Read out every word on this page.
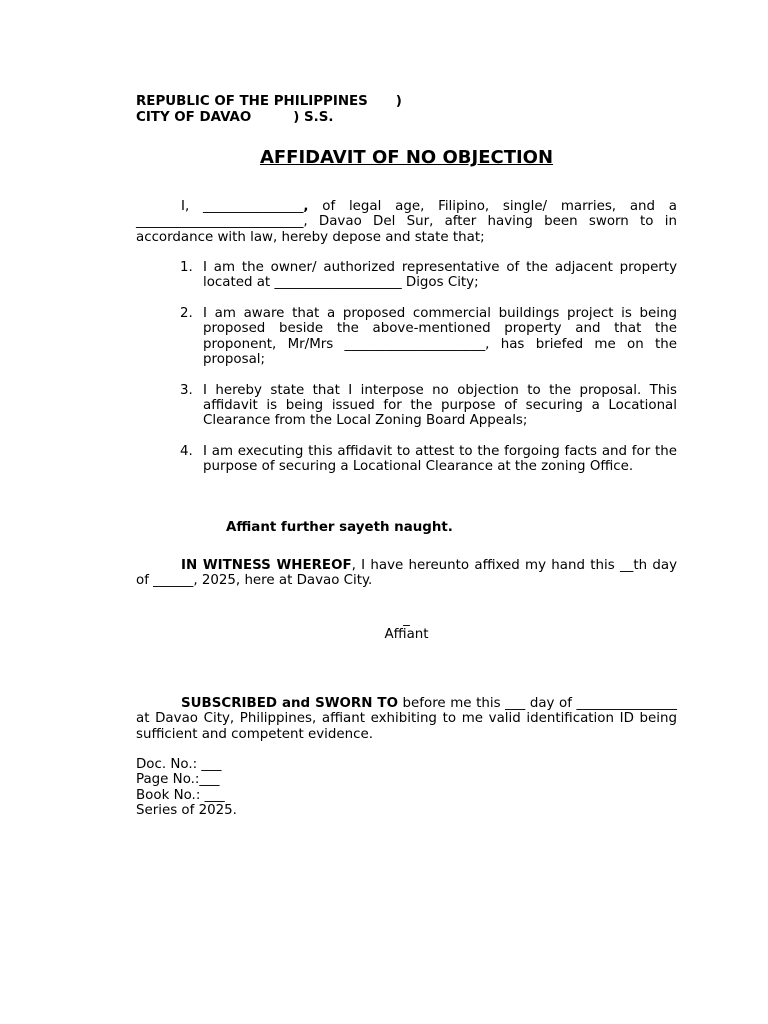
REPUBLIC OF THE PHILIPPINES      )
CITY OF DAVAO         ) S.S.
AFFIDAVIT OF NO OBJECTION
I, _______________, of legal age, Filipino, single/ marries, and a _________________________, Davao Del Sur, after having been sworn to in accordance with law, hereby depose and state that;
1. I am the owner/ authorized representative of the adjacent property located at ___________________ Digos City;
2. I am aware that a proposed commercial buildings project is being proposed beside the above-mentioned property and that the proponent, Mr/Mrs _____________________, has briefed me on the proposal;
3. I hereby state that I interpose no objection to the proposal. This affidavit is being issued for the purpose of securing a Locational Clearance from the Local Zoning Board Appeals;
4. I am executing this affidavit to attest to the forgoing facts and for the purpose of securing a Locational Clearance at the zoning Office.
Affiant further sayeth naught.
IN WITNESS WHEREOF, I have hereunto affixed my hand this __th day of ______, 2025, here at Davao City.
_
Affiant
SUBSCRIBED and SWORN TO before me this ___ day of _______________ at Davao City, Philippines, affiant exhibiting to me valid identification ID being sufficient and competent evidence.
Doc. No.: ___
Page No.:___
Book No.: ___
Series of 2025.
